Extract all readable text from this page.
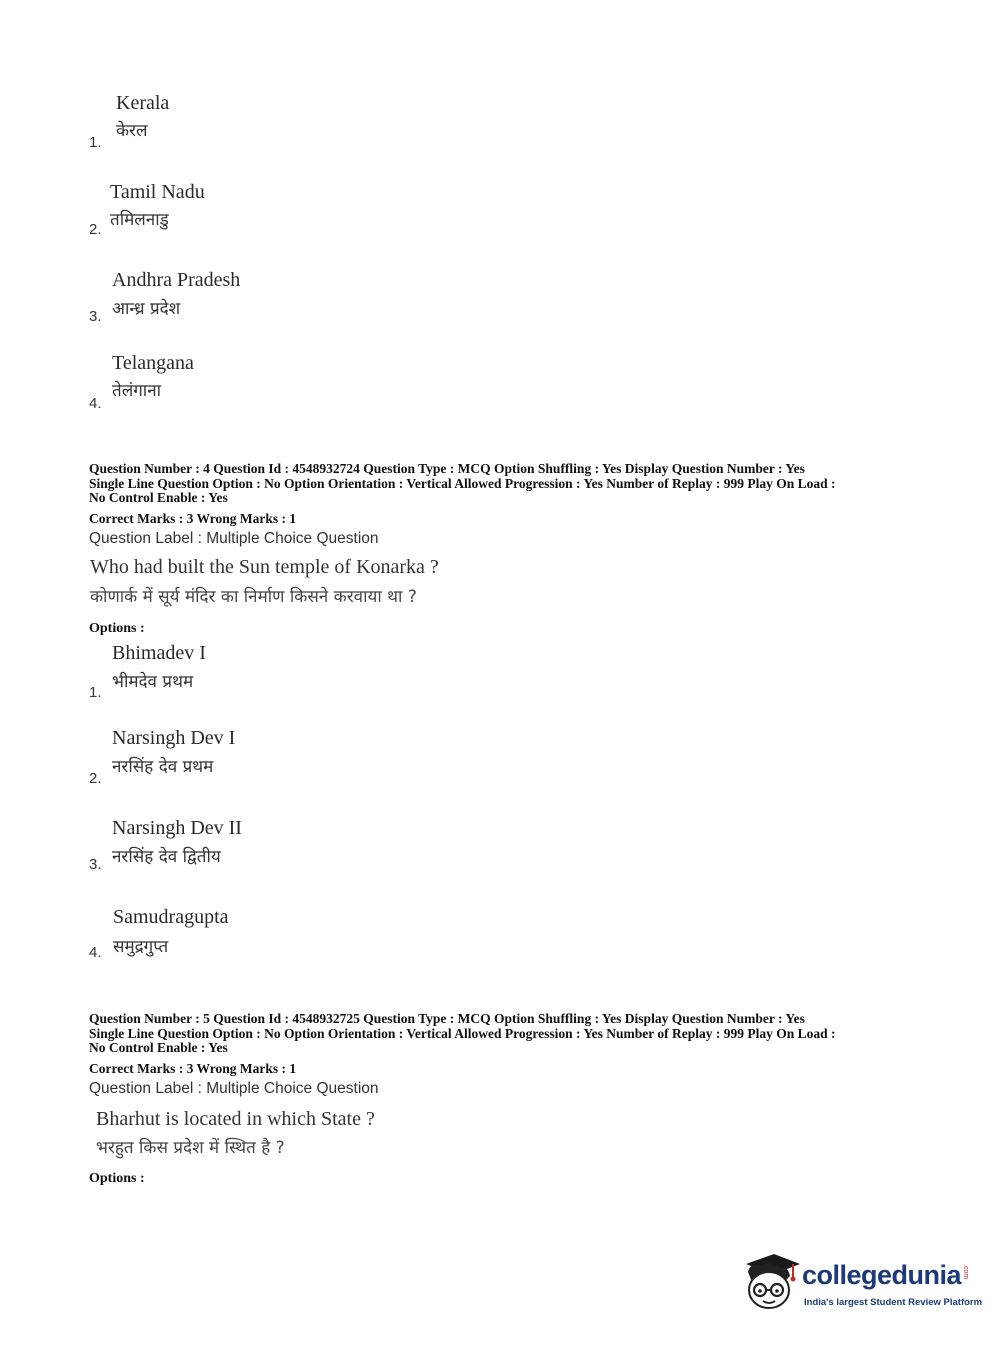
Kerala
केरल
1.
Tamil Nadu
तमिलनाडु
2.
Andhra Pradesh
आन्ध्र प्रदेश
3.
Telangana
तेलंगाना
4.
Question Number : 4 Question Id : 4548932724 Question Type : MCQ Option Shuffling : Yes Display Question Number : Yes
Single Line Question Option : No Option Orientation : Vertical Allowed Progression : Yes Number of Replay : 999 Play On Load :
No Control Enable : Yes
Correct Marks : 3 Wrong Marks : 1
Question Label : Multiple Choice Question
Who had built the Sun temple of Konarka ?
कोणार्क में सूर्य मंदिर का निर्माण किसने करवाया था ?
Options :
Bhimadev I
भीमदेव प्रथम
1.
Narsingh Dev I
नरसिंह देव प्रथम
2.
Narsingh Dev II
नरसिंह देव द्वितीय
3.
Samudragupta
समुद्रगुप्त
4.
Question Number : 5 Question Id : 4548932725 Question Type : MCQ Option Shuffling : Yes Display Question Number : Yes
Single Line Question Option : No Option Orientation : Vertical Allowed Progression : Yes Number of Replay : 999 Play On Load :
No Control Enable : Yes
Correct Marks : 3 Wrong Marks : 1
Question Label : Multiple Choice Question
Bharhut is located in which State ?
भरहुत किस प्रदेश में स्थित है ?
Options :
collegedunia
India's largest Student Review Platform
.com
